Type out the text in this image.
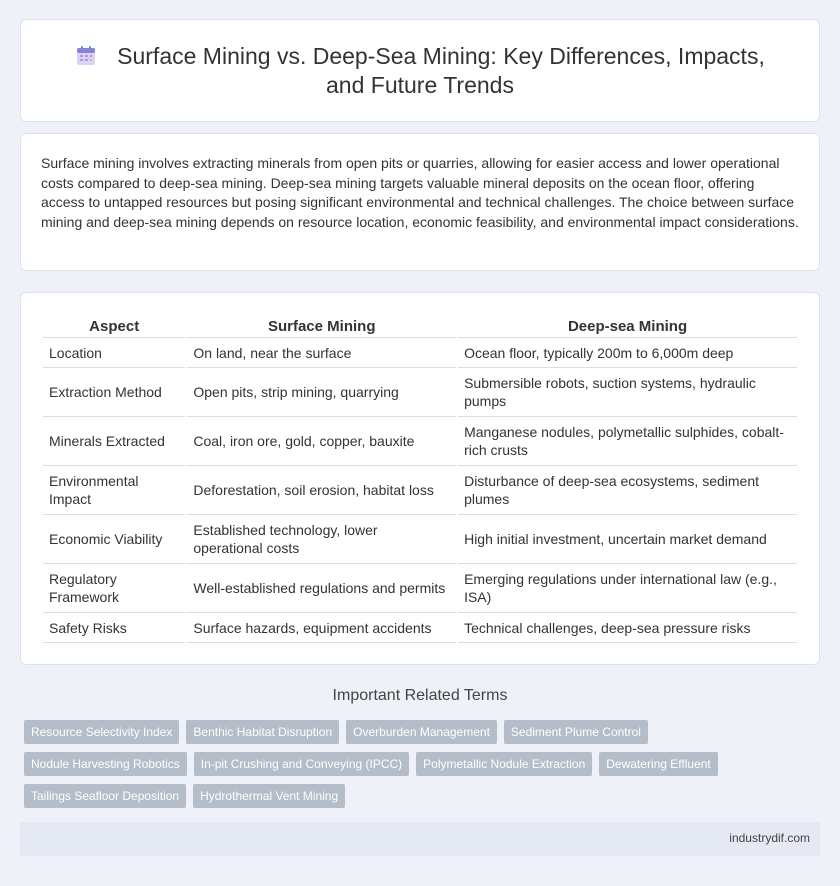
Surface Mining vs. Deep-Sea Mining: Key Differences, Impacts,
and Future Trends

Surface mining involves extracting minerals from open pits or quarries, allowing for easier access and lower operational costs compared to deep-sea mining. Deep-sea mining targets valuable mineral deposits on the ocean floor, offering access to untapped resources but posing significant environmental and technical challenges. The choice between surface mining and deep-sea mining depends on resource location, economic feasibility, and environmental impact considerations.

Aspect	Surface Mining	Deep-sea Mining
Location	On land, near the surface	Ocean floor, typically 200m to 6,000m deep
Extraction Method	Open pits, strip mining, quarrying	Submersible robots, suction systems, hydraulic pumps
Minerals Extracted	Coal, iron ore, gold, copper, bauxite	Manganese nodules, polymetallic sulphides, cobalt-rich crusts
Environmental Impact	Deforestation, soil erosion, habitat loss	Disturbance of deep-sea ecosystems, sediment plumes
Economic Viability	Established technology, lower operational costs	High initial investment, uncertain market demand
Regulatory Framework	Well-established regulations and permits	Emerging regulations under international law (e.g., ISA)
Safety Risks	Surface hazards, equipment accidents	Technical challenges, deep-sea pressure risks
Important Related Terms
Resource Selectivity Index	Benthic Habitat Disruption	Overburden Management	Sediment Plume Control
Nodule Harvesting Robotics	In-pit Crushing and Conveying (IPCC)	Polymetallic Nodule Extraction	Dewatering Effluent
Tailings Seafloor Deposition	Hydrothermal Vent Mining
industrydif.com
